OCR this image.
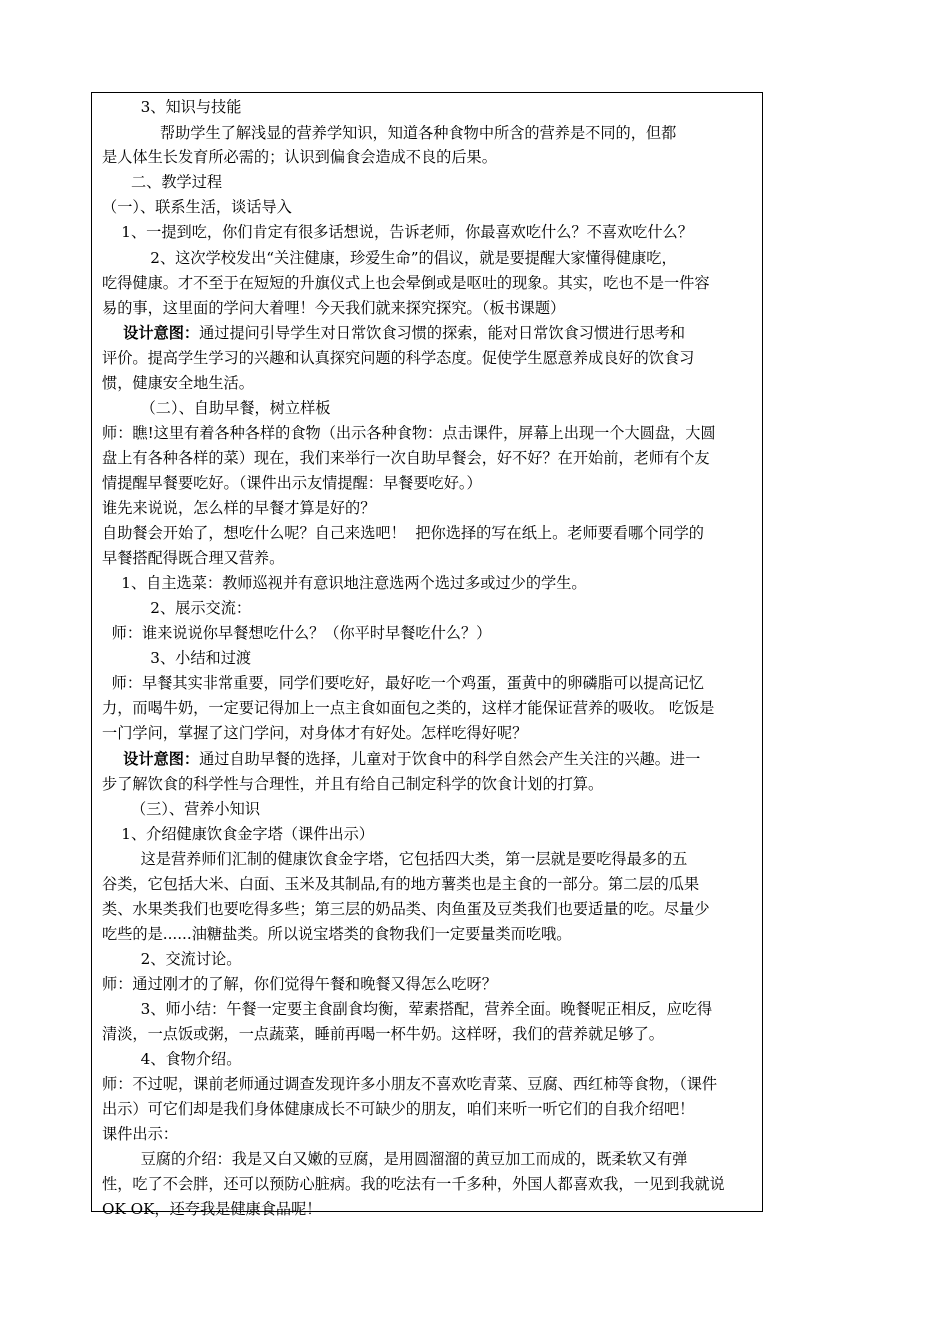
3、知识与技能
帮助学生了解浅显的营养学知识，知道各种食物中所含的营养是不同的，但都
是人体生长发育所必需的；认识到偏食会造成不良的后果。
二、教学过程
（一）、联系生活，谈话导入
1、一提到吃，你们肯定有很多话想说，告诉老师，你最喜欢吃什么？不喜欢吃什么？
2、这次学校发出“关注健康，珍爱生命”的倡议，就是要提醒大家懂得健康吃，
吃得健康。才不至于在短短的升旗仪式上也会晕倒或是呕吐的现象。其实，吃也不是一件容
易的事，这里面的学问大着哩！今天我们就来探究探究。（板书课题）
设计意图：通过提问引导学生对日常饮食习惯的探索，能对日常饮食习惯进行思考和
评价。提高学生学习的兴趣和认真探究问题的科学态度。促使学生愿意养成良好的饮食习
惯，健康安全地生活。
（二）、自助早餐，树立样板
师：瞧!这里有着各种各样的食物（出示各种食物：点击课件，屏幕上出现一个大圆盘，大圆
盘上有各种各样的菜）现在，我们来举行一次自助早餐会，好不好？在开始前，老师有个友
情提醒早餐要吃好。（课件出示友情提醒：早餐要吃好。）
谁先来说说，怎么样的早餐才算是好的？
自助餐会开始了，想吃什么呢？自己来选吧！  把你选择的写在纸上。老师要看哪个同学的
早餐搭配得既合理又营养。
1、自主选菜：教师巡视并有意识地注意选两个选过多或过少的学生。
2、展示交流：
师：谁来说说你早餐想吃什么？（你平时早餐吃什么？）
3、小结和过渡
师：早餐其实非常重要，同学们要吃好，最好吃一个鸡蛋，蛋黄中的卵磷脂可以提高记忆
力，而喝牛奶，一定要记得加上一点主食如面包之类的，这样才能保证营养的吸收。 吃饭是
一门学问，掌握了这门学问，对身体才有好处。怎样吃得好呢？
设计意图：通过自助早餐的选择，儿童对于饮食中的科学自然会产生关注的兴趣。进一
步了解饮食的科学性与合理性，并且有给自己制定科学的饮食计划的打算。
（三）、营养小知识
1、介绍健康饮食金字塔（课件出示）
这是营养师们汇制的健康饮食金字塔，它包括四大类，第一层就是要吃得最多的五
谷类，它包括大米、白面、玉米及其制品,有的地方薯类也是主食的一部分。第二层的瓜果
类、水果类我们也要吃得多些；第三层的奶品类、肉鱼蛋及豆类我们也要适量的吃。尽量少
吃些的是......油糖盐类。所以说宝塔类的食物我们一定要量类而吃哦。
2、交流讨论。
师：通过刚才的了解，你们觉得午餐和晚餐又得怎么吃呀？
3、师小结：午餐一定要主食副食均衡，荤素搭配，营养全面。晚餐呢正相反，应吃得
清淡，一点饭或粥，一点蔬菜，睡前再喝一杯牛奶。这样呀，我们的营养就足够了。
4、食物介绍。
师：不过呢，课前老师通过调查发现许多小朋友不喜欢吃青菜、豆腐、西红柿等食物，（课件
出示）可它们却是我们身体健康成长不可缺少的朋友，咱们来听一听它们的自我介绍吧！
课件出示：
豆腐的介绍：我是又白又嫩的豆腐，是用圆溜溜的黄豆加工而成的，既柔软又有弹
性，吃了不会胖，还可以预防心脏病。我的吃法有一千多种，外国人都喜欢我，一见到我就说
OK OK，还夸我是健康食品呢！
